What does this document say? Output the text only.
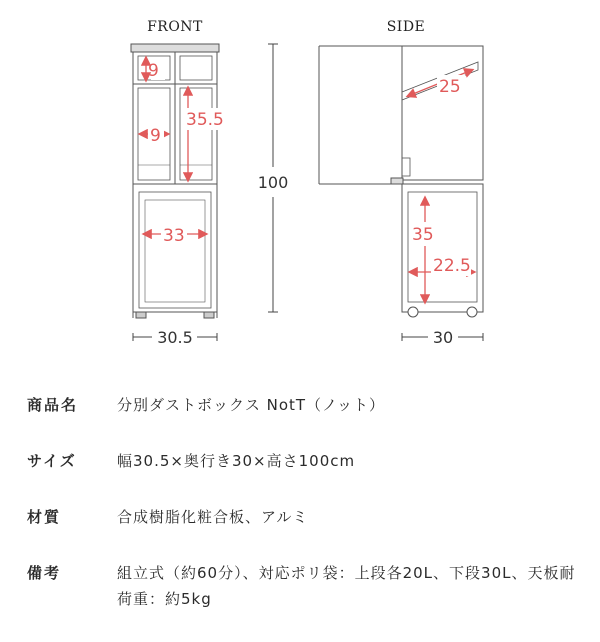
FRONT	SIDE
9
9
35.5
33
30.5
100
25
35
22.5
30
商品名	分別ダストボックス NotT（ノット）
サイズ	幅30.5×奥行き30×高さ100cm
材質	合成樹脂化粧合板、アルミ
備考	組立式（約60分）、対応ポリ袋：上段各20L、下段30L、天板耐荷重：約5kg
